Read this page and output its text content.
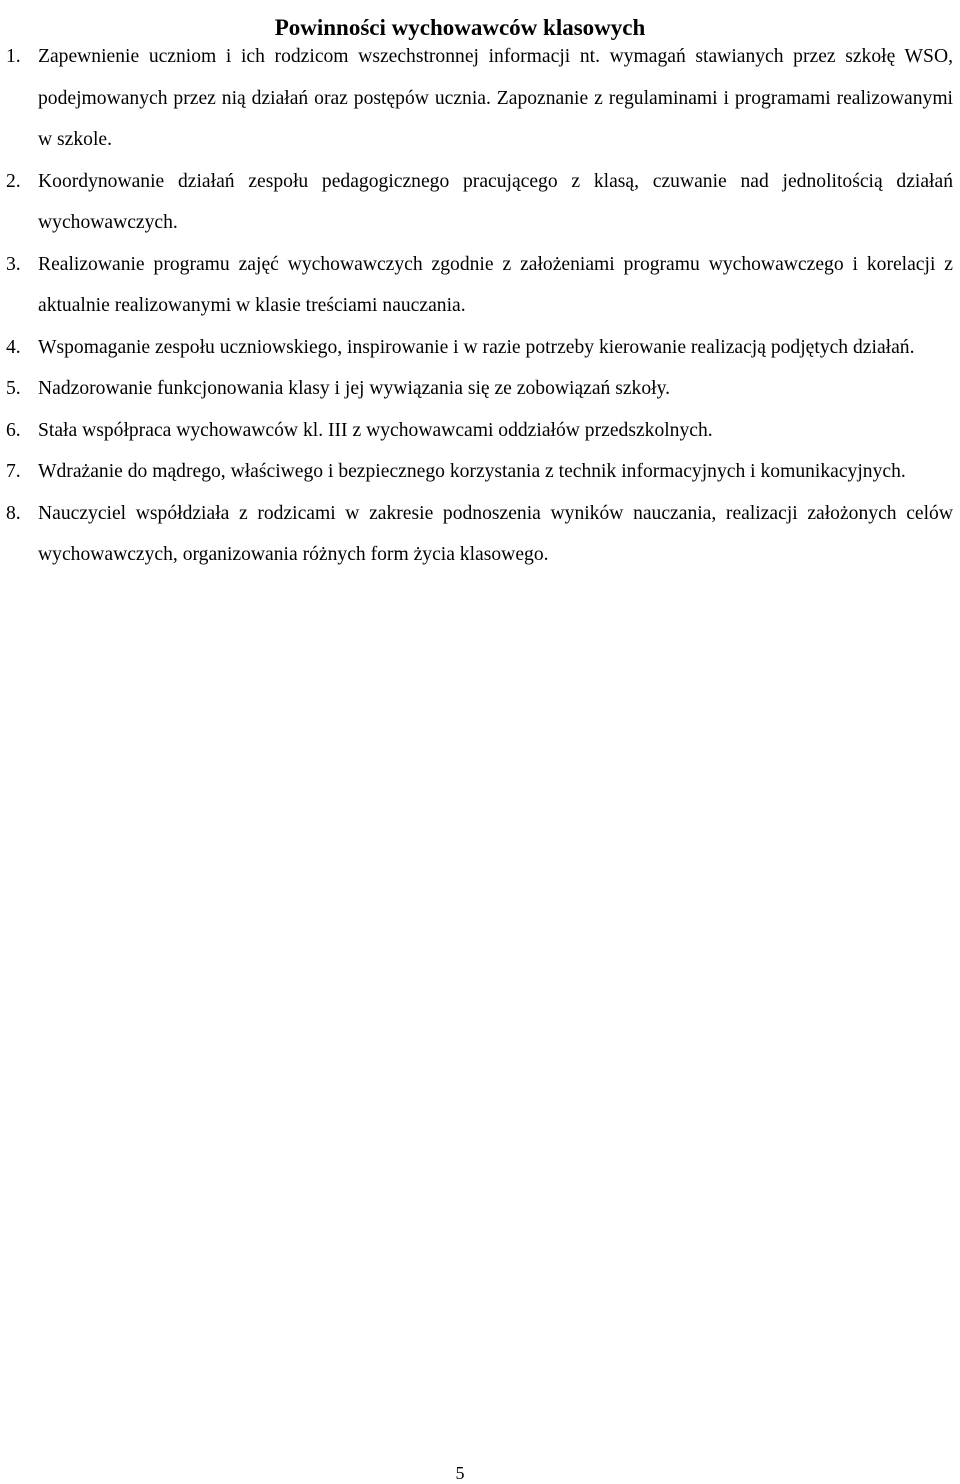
Powinności wychowawców klasowych
1. Zapewnienie uczniom i ich rodzicom wszechstronnej informacji nt. wymagań stawianych przez szkołę WSO, podejmowanych przez nią działań oraz postępów ucznia. Zapoznanie z regulaminami i programami realizowanymi w szkole.
2. Koordynowanie działań zespołu pedagogicznego pracującego z klasą, czuwanie nad jednolitością działań wychowawczych.
3. Realizowanie programu zajęć wychowawczych zgodnie z założeniami programu wychowawczego i korelacji z aktualnie realizowanymi w klasie treściami nauczania.
4. Wspomaganie zespołu uczniowskiego, inspirowanie i w razie potrzeby kierowanie realizacją podjętych działań.
5. Nadzorowanie funkcjonowania klasy i jej wywiązania się ze zobowiązań szkoły.
6. Stała współpraca wychowawców kl. III z wychowawcami oddziałów przedszkolnych.
7. Wdrażanie do mądrego, właściwego i bezpiecznego korzystania z technik informacyjnych i komunikacyjnych.
8. Nauczyciel współdziała z rodzicami w zakresie podnoszenia wyników nauczania, realizacji założonych celów wychowawczych, organizowania różnych form życia klasowego.
5
